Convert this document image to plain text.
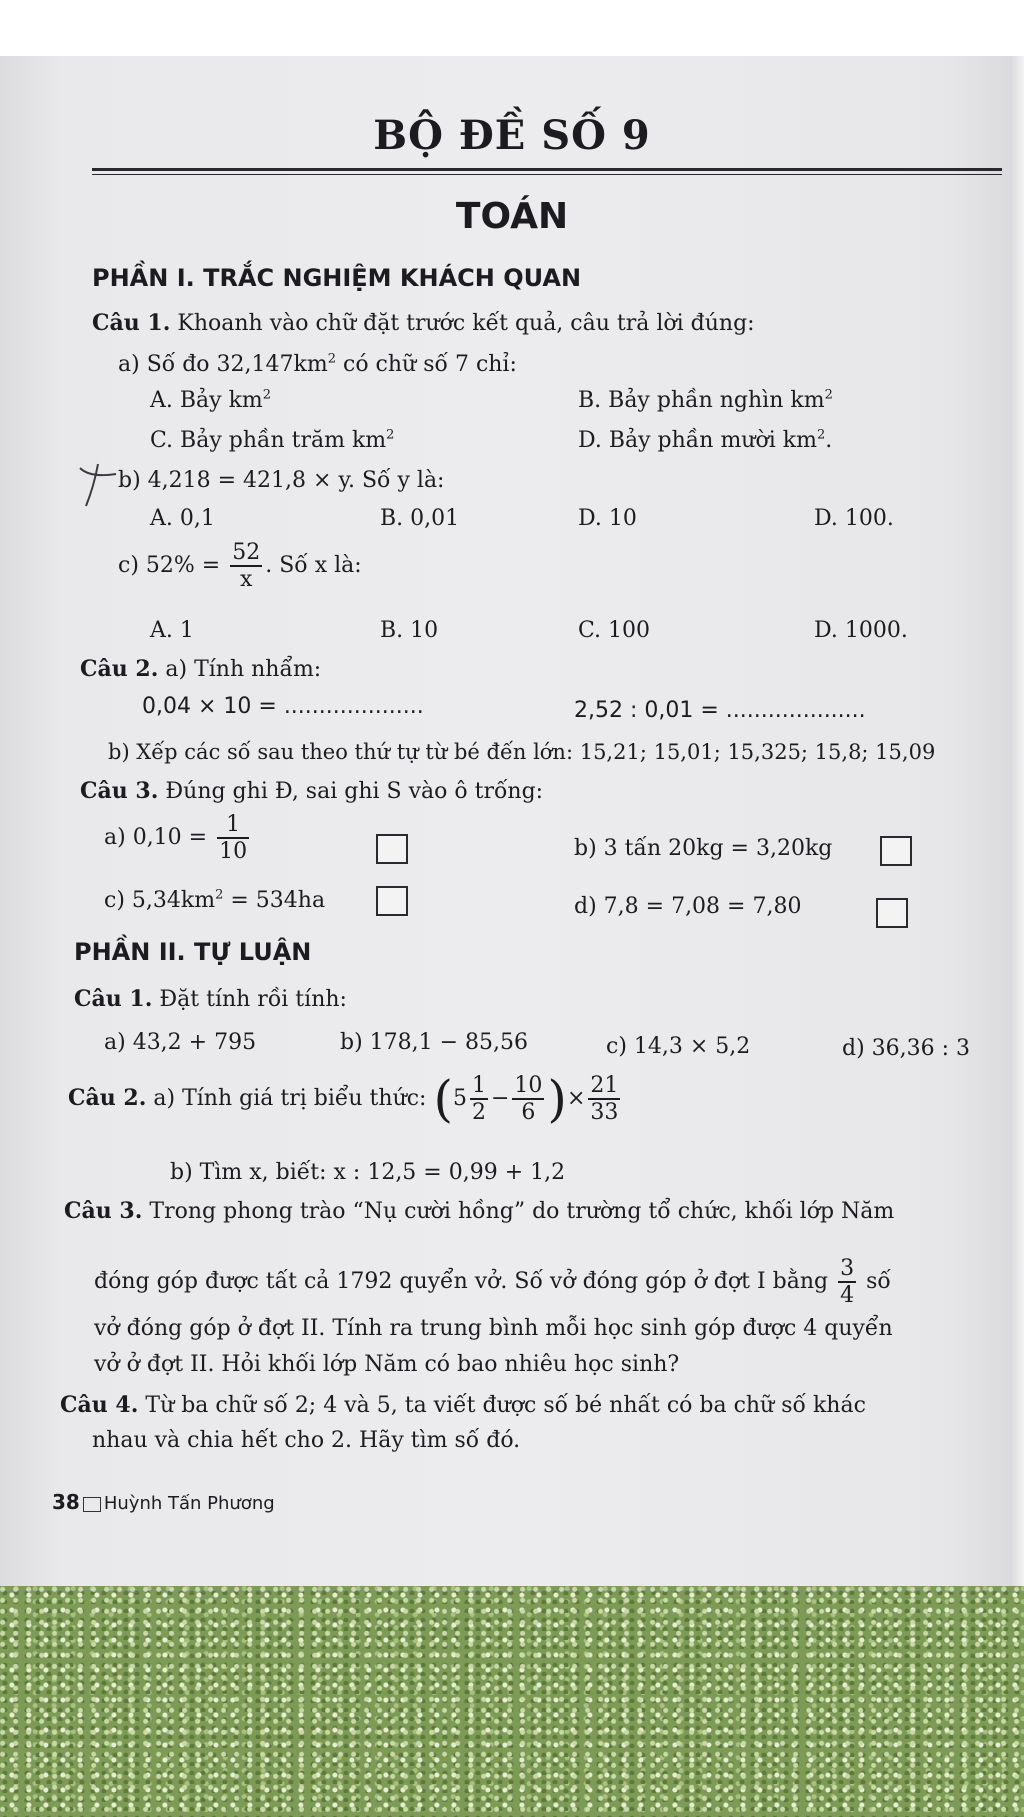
BỘ ĐỀ SỐ 9
TOÁN
PHẦN I. TRẮC NGHIỆM KHÁCH QUAN
Câu 1. Khoanh vào chữ đặt trước kết quả, câu trả lời đúng:
a) Số đo $32,147km^2$ có chữ số 7 chỉ:
A. Bảy $km^2$	B. Bảy phần nghìn $km^2$
C. Bảy phần trăm $km^2$	D. Bảy phần mười $km^2$.
b) 4,218 = 421,8 × y. Số y là:
A. 0,1	B. 0,01	D. 10	D. 100.
c) $52\% = \frac{52}{x}$ . Số x là:
A. 1	B. 10	C. 100	D. 1000.
Câu 2. a) Tính nhẩm:
0,04 × 10 = ....................	2,52 : 0,01 = ....................
b) Xếp các số sau theo thứ tự từ bé đến lớn: 15,21; 15,01; 15,325; 15,8; 15,09
Câu 3. Đúng ghi Đ, sai ghi S vào ô trống:
a) $0,10 = \frac{1}{10}$	b) 3 tấn 20kg = 3,20kg
c) $5,34km^2 = 534ha$	d) 7,8 = 7,08 = 7,80
PHẦN II. TỰ LUẬN
Câu 1. Đặt tính rồi tính:
a) 43,2 + 795	b) 178,1 − 85,56	c) 14,3 × 5,2	d) 36,36 : 3
Câu 2. a) Tính giá trị biểu thức: ($5 \frac{1}{2} - \frac{10}{6}$ )× $\frac{21}{33}$
b) Tìm x, biết: x : 12,5 = 0,99 + 1,2
Câu 3. Trong phong trào “Nụ cười hồng” do trường tổ chức, khối lớp Năm
đóng góp được tất cả 1792 quyển vở. Số vở đóng góp ở đợt I bằng $\frac{3}{4}$ số
vở đóng góp ở đợt II. Tính ra trung bình mỗi học sinh góp được 4 quyển
vở ở đợt II. Hỏi khối lớp Năm có bao nhiêu học sinh?
Câu 4. Từ ba chữ số 2; 4 và 5, ta viết được số bé nhất có ba chữ số khác
nhau và chia hết cho 2. Hãy tìm số đó.
38 Huỳnh Tấn Phương
